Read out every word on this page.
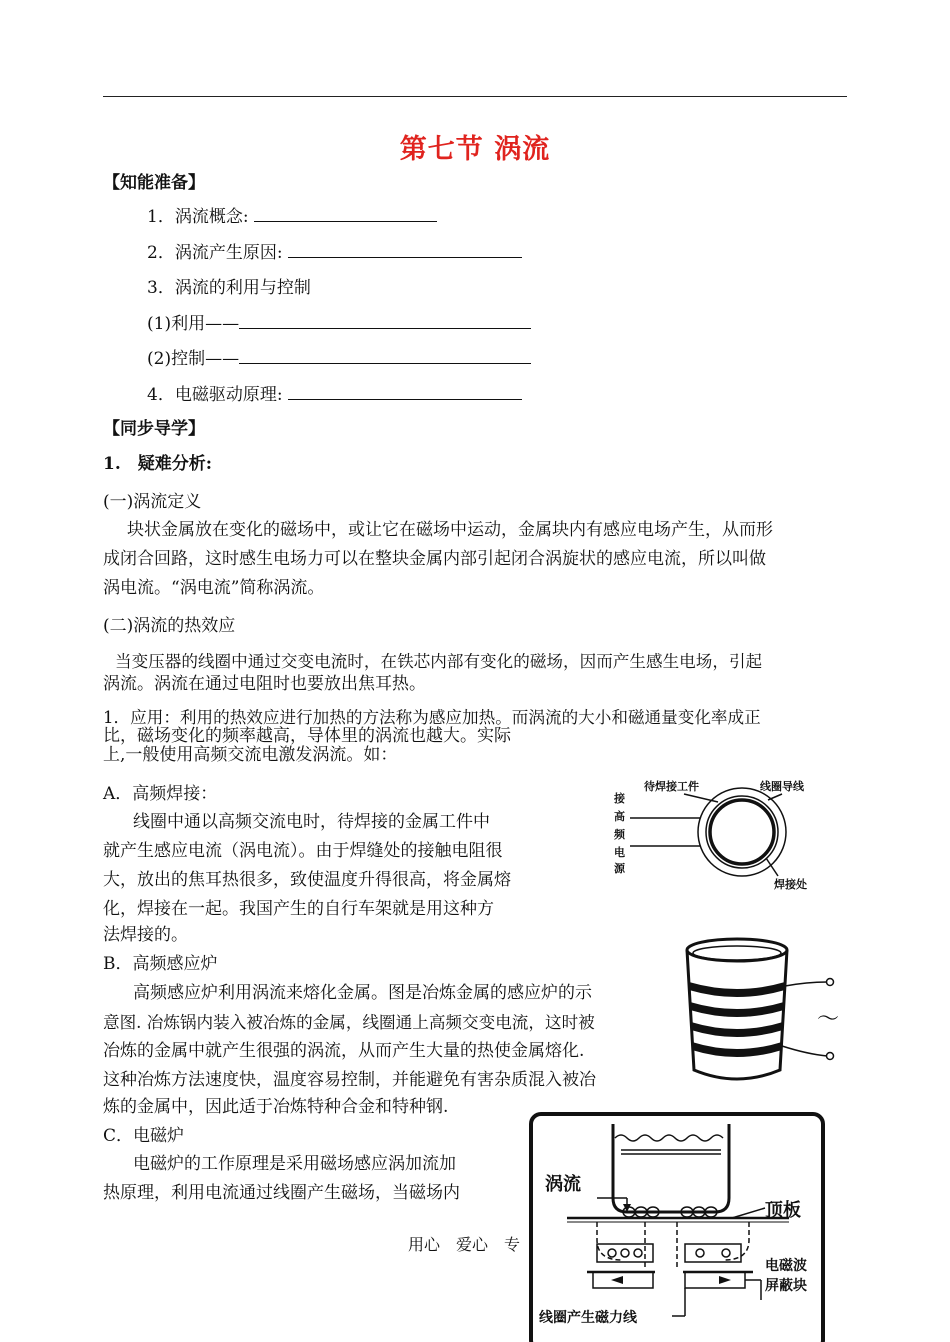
第七节 涡流
【知能准备】
1．涡流概念:
2．涡流产生原因:
3．涡流的利用与控制
(1)利用——
(2)控制——
4．电磁驱动原理:
【同步导学】
1.　疑难分析:
(一)涡流定义
块状金属放在变化的磁场中，或让它在磁场中运动，金属块内有感应电场产生，从而形
成闭合回路，这时感生电场力可以在整块金属内部引起闭合涡旋状的感应电流，所以叫做
涡电流。“涡电流”简称涡流。
(二)涡流的热效应
当变压器的线圈中通过交变电流时，在铁芯内部有变化的磁场，因而产生感生电场，引起
涡流。涡流在通过电阻时也要放出焦耳热。
1．应用：利用的热效应进行加热的方法称为感应加热。而涡流的大小和磁通量变化率成正
比，磁场变化的频率越高，导体里的涡流也越大。实际
上,一般使用高频交流电激发涡流。如：
A．高频焊接：
线圈中通以高频交流电时，待焊接的金属工件中
就产生感应电流（涡电流）。由于焊缝处的接触电阻很
大，放出的焦耳热很多，致使温度升得很高，将金属熔
化，焊接在一起。我国产生的自行车架就是用这种方
法焊接的。
B．高频感应炉
高频感应炉利用涡流来熔化金属。图是冶炼金属的感应炉的示
意图. 冶炼锅内装入被冶炼的金属，线圈通上高频交变电流，这时被
冶炼的金属中就产生很强的涡流，从而产生大量的热使金属熔化.
这种冶炼方法速度快，温度容易控制，并能避免有害杂质混入被冶
炼的金属中，因此适于冶炼特种合金和特种钢.
C．电磁炉
电磁炉的工作原理是采用磁场感应涡加流加
热原理，利用电流通过线圈产生磁场，当磁场内
用心　爱心　专
接
高
频
电
源
待焊接工件	线圈导线
焊接处
～
涡流
顶板
电磁波
屏蔽块
线圈产生磁力线
